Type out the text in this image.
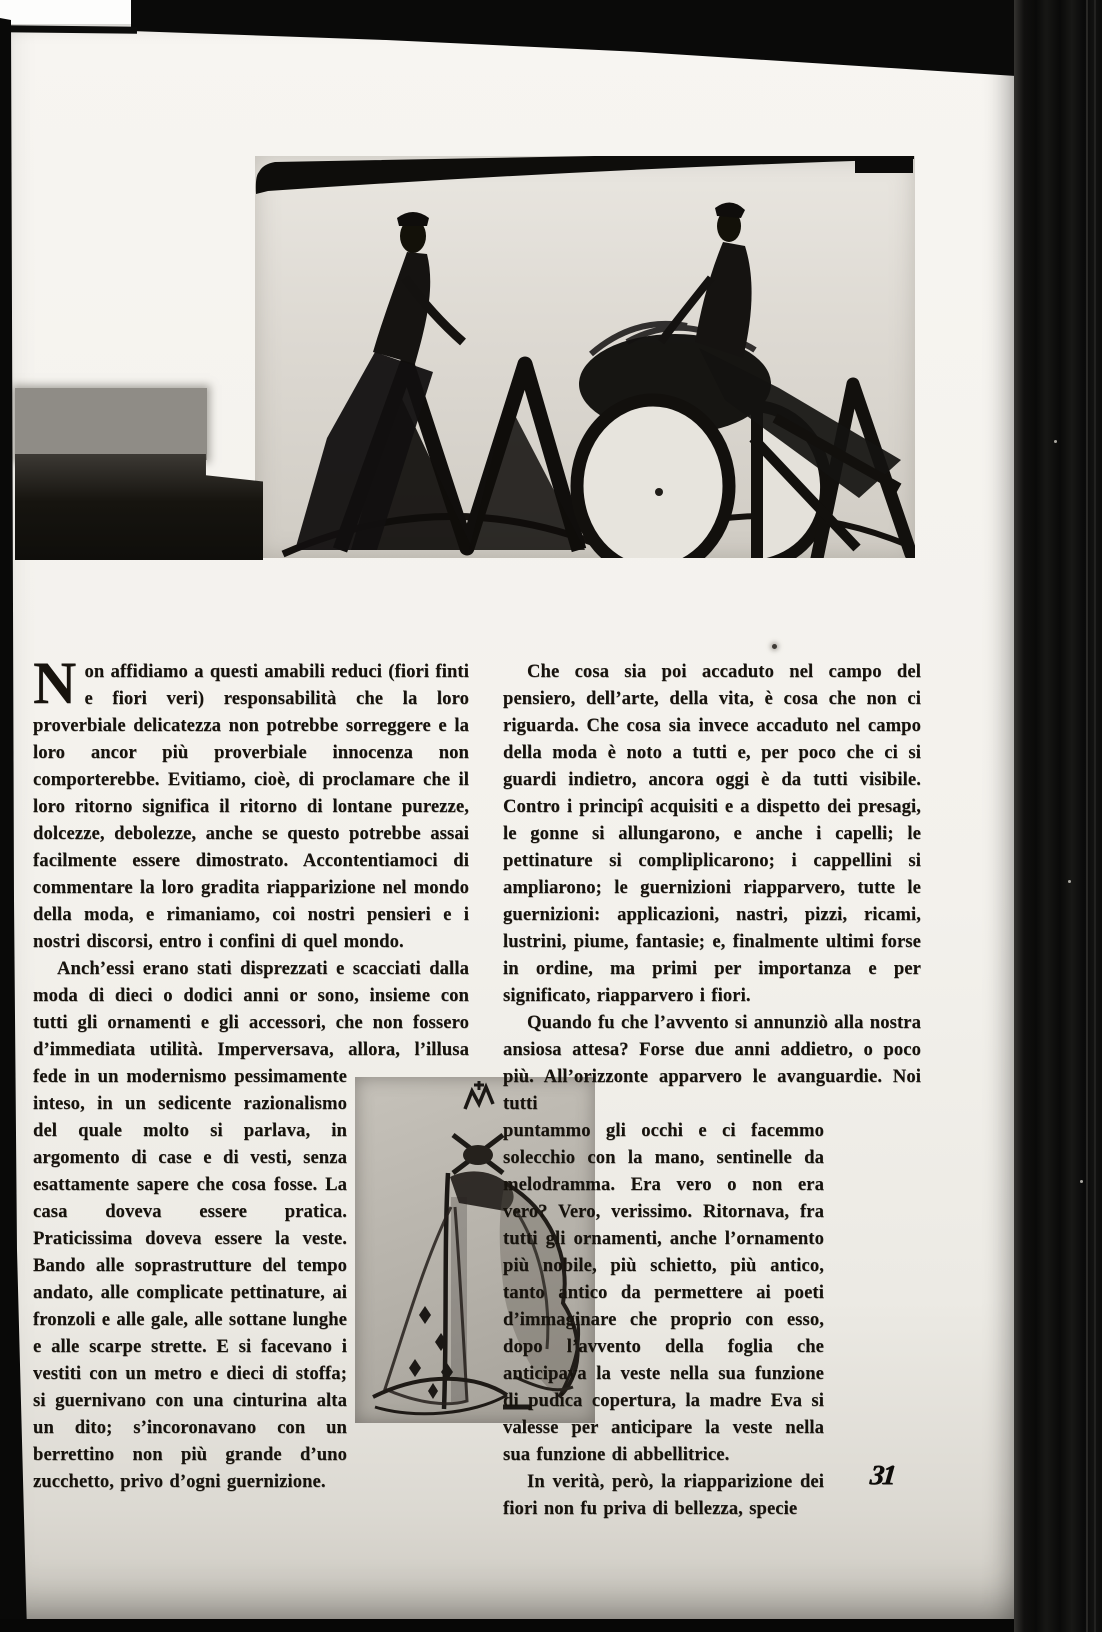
Non affidiamo a questi amabili reduci (fiori finti e fiori veri) responsabilità che la loro proverbiale delicatezza non potrebbe sorreggere e la loro ancor più proverbiale innocenza non comporterebbe. Evitiamo, cioè, di proclamare che il loro ritorno significa il ritorno di lontane purezze, dolcezze, debolezze, anche se questo potrebbe assai facilmente essere dimostrato. Accontentiamoci di commentare la loro gradita riapparizione nel mondo della moda, e rimaniamo, coi nostri pensieri e i nostri discorsi, entro i confini di quel mondo.

Anch’essi erano stati disprezzati e scacciati dalla moda di dieci o dodici anni or sono, insieme con tutti gli ornamenti e gli accessori, che non fossero d’immediata utilità. Imperversava, allora, l’illusa

fede in un modernismo pessimamente inteso, in un sedicente razionalismo del quale molto si parlava, in argomento di case e di vesti, senza esattamente sapere che cosa fosse. La casa doveva essere pratica. Praticissima doveva essere la veste. Bando alle soprastrutture del tempo andato, alle complicate pettinature, ai fronzoli e alle gale, alle sottane lunghe e alle scarpe strette. E si facevano i vestiti con un metro e dieci di stoffa; si guernivano con una cinturina alta un dito; s’incoronavano con un berrettino non più grande d’uno zucchetto, privo d’ogni guernizione.

Che cosa sia poi accaduto nel campo del pensiero, dell’arte, della vita, è cosa che non ci riguarda. Che cosa sia invece accaduto nel campo della moda è noto a tutti e, per poco che ci si guardi indietro, ancora oggi è da tutti visibile. Contro i principî acquisiti e a dispetto dei presagi, le gonne si allungarono, e anche i capelli; le pettinature si compliplicarono; i cappellini si ampliarono; le guernizioni riapparvero, tutte le guernizioni: applicazioni, nastri, pizzi, ricami, lustrini, piume, fantasie; e, finalmente ultimi forse in ordine, ma primi per importanza e per significato, riapparvero i fiori.

Quando fu che l’avvento si annunziò alla nostra ansiosa attesa? Forse due anni addietro, o poco più. All’orizzonte apparvero le avanguardie. Noi tutti

puntammo gli occhi e ci facemmo solecchio con la mano, sentinelle da melodramma. Era vero o non era vero? Vero, verissimo. Ritornava, fra tutti gli ornamenti, anche l’ornamento più nobile, più schietto, più antico, tanto antico da permettere ai poeti d’immaginare che proprio con esso, dopo l’avvento della foglia che anticipava la veste nella sua funzione di pudica copertura, la madre Eva si valesse per anticipare la veste nella sua funzione di abbellitrice.

In verità, però, la riapparizione dei fiori non fu priva di bellezza, specie

31
